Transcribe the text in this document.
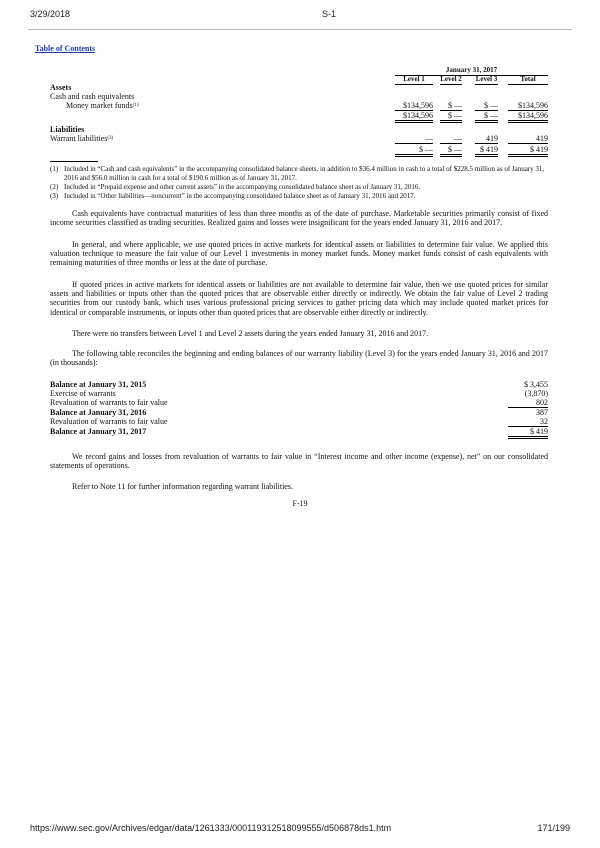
3/29/2018	S-1
Table of Contents
January 31, 2017
Level 1	Level 2 Level 3	Total
Assets
Cash and cash equivalents
Money market funds$^{(1)}$	$134,596	$ —	$ —	$134,596
$134,596	$ —	$ —	$134,596
Liabilities
Warrant liabilities$^{(3)}$	—	—	419	419
$ —	$ —	$ 419	$ 419
(1) Included in “Cash and cash equivalents” in the accompanying consolidated balance sheets, in addition to $36.4 million in cash to a total of $228.5 million as of January 31, 2016 and $56.0 million in cash for a total of $190.6 million as of January 31, 2017.
(2) Included in “Prepaid expense and other current assets” in the accompanying consolidated balance sheet as of January 31, 2016.
(3) Included in “Other liabilities—noncurrent” in the accompanying consolidated balance sheet as of January 31, 2016 and 2017.
Cash equivalents have contractual maturities of less than three months as of the date of purchase. Marketable securities primarily consist of fixed income securities classified as trading securities. Realized gains and losses were insignificant for the years ended January 31, 2016 and 2017.
In general, and where applicable, we use quoted prices in active markets for identical assets or liabilities to determine fair value. We applied this valuation technique to measure the fair value of our Level 1 investments in money market funds. Money market funds consist of cash equivalents with remaining maturities of three months or less at the date of purchase.
If quoted prices in active markets for identical assets or liabilities are not available to determine fair value, then we use quoted prices for similar assets and liabilities or inputs other than the quoted prices that are observable either directly or indirectly. We obtain the fair value of Level 2 trading securities from our custody bank, which uses various professional pricing services to gather pricing data which may include quoted market prices for identical or comparable instruments, or inputs other than quoted prices that are observable either directly or indirectly.
There were no transfers between Level 1 and Level 2 assets during the years ended January 31, 2016 and 2017.
The following table reconciles the beginning and ending balances of our warranty liability (Level 3) for the years ended January 31, 2016 and 2017 (in thousands):
Balance at January 31, 2015	$ 3,455
Exercise of warrants	(3,870)
Revaluation of warrants to fair value	802
Balance at January 31, 2016	387
Revaluation of warrants to fair value	32
Balance at January 31, 2017	$ 419
We record gains and losses from revaluation of warrants to fair value in “Interest income and other income (expense), net” on our consolidated statements of operations.
Refer to Note 11 for further information regarding warrant liabilities.
F-19
https://www.sec.gov/Archives/edgar/data/1261333/000119312518099555/d506878ds1.htm	171/199
